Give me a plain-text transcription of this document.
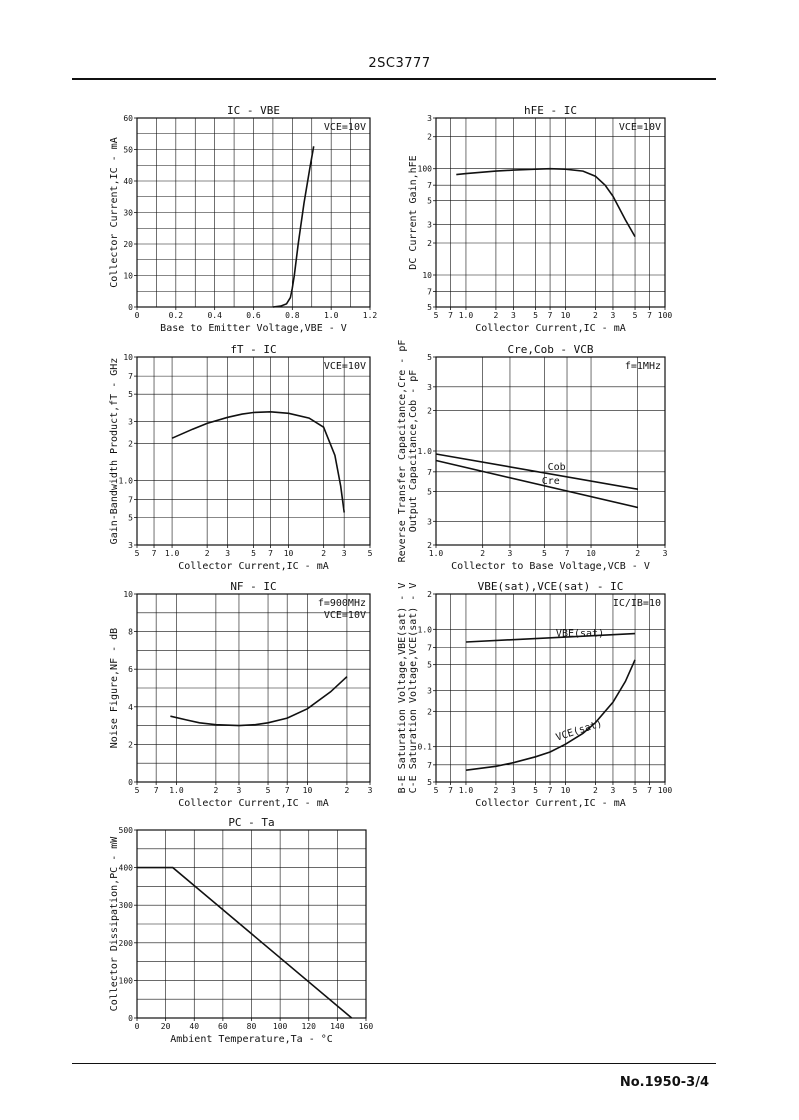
2SC3777
0	0.2	0.4	0.6	0.8	1.0	1.2
0
10
20
30
40
50
60
IC - VBE
Base to Emitter Voltage,VBE - V
Collector Current,IC - mA
VCE=10V
5 7 1.0	2 3 5 7 10	2 3 5 7 100
5
7
10
2
3
5
7
100
2
3
hFE - IC
Collector Current,IC - mA
DC Current Gain,hFE
VCE=10V
5 7 1.0	2 3	5 7 10	2 3	5
3
5
7
1.0
2
3
5
7
10
fT - IC
Collector Current,IC - mA
Gain-Bandwidth Product,fT - GHz	VCE=10V
1.0	2	3	5 7 10	2	3
2
3
5
7
1.0
2
3
5
Cre,Cob - VCB
Collector to Base Voltage,VCB - V
Reverse Transfer Capacitance,Cre - pF Output Capacitance,Cob - pF
f=1MHz
Cob
Cre
5 7 1.0	2 3	5 7 10	2 3
0
2
4
6
8
10
NF - IC
Collector Current,IC - mA
Noise Figure,NF - dB
f=900MHz
VCE=10V
5 7 1.0	2 3 5 7 10	2 3 5 7 100
5
7
0.1
2
3
5
7
1.0
2
VBE(sat),VCE(sat) - IC
Collector Current,IC - mA
B-E Saturation Voltage,VBE(sat) - V C-E Saturation Voltage,VCE(sat) - V	IC/IB=10
VBE(sat)
VCE(sat)
0	20 40 60 80 100 120 140 160
0
100
200
300
400
500
PC - Ta
Ambient Temperature,Ta - °C
Collector Dissipation,PC - mW
No.1950-3/4
